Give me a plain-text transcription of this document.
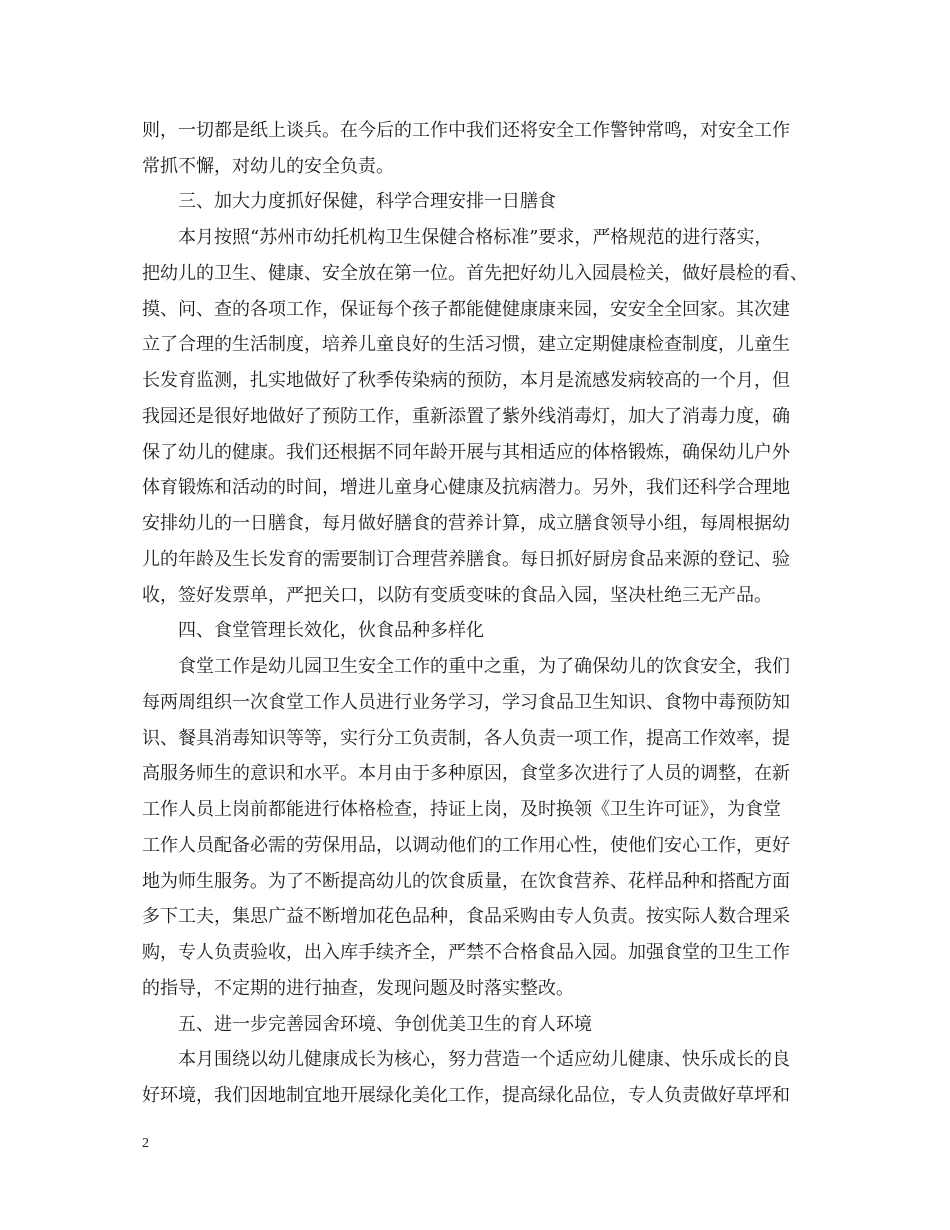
则，一切都是纸上谈兵。在今后的工作中我们还将安全工作警钟常鸣，对安全工作
常抓不懈，对幼儿的安全负责。
　　三、加大力度抓好保健，科学合理安排一日膳食
　　本月按照“苏州市幼托机构卫生保健合格标准”要求，严格规范的进行落实，
把幼儿的卫生、健康、安全放在第一位。首先把好幼儿入园晨检关，做好晨检的看、
摸、问、查的各项工作，保证每个孩子都能健健康康来园，安安全全回家。其次建
立了合理的生活制度，培养儿童良好的生活习惯，建立定期健康检查制度，儿童生
长发育监测，扎实地做好了秋季传染病的预防，本月是流感发病较高的一个月，但
我园还是很好地做好了预防工作，重新添置了紫外线消毒灯，加大了消毒力度，确
保了幼儿的健康。我们还根据不同年龄开展与其相适应的体格锻炼，确保幼儿户外
体育锻炼和活动的时间，增进儿童身心健康及抗病潜力。另外，我们还科学合理地
安排幼儿的一日膳食，每月做好膳食的营养计算，成立膳食领导小组，每周根据幼
儿的年龄及生长发育的需要制订合理营养膳食。每日抓好厨房食品来源的登记、验
收，签好发票单，严把关口，以防有变质变味的食品入园，坚决杜绝三无产品。
　　四、食堂管理长效化，伙食品种多样化
　　食堂工作是幼儿园卫生安全工作的重中之重，为了确保幼儿的饮食安全，我们
每两周组织一次食堂工作人员进行业务学习，学习食品卫生知识、食物中毒预防知
识、餐具消毒知识等等，实行分工负责制，各人负责一项工作，提高工作效率，提
高服务师生的意识和水平。本月由于多种原因，食堂多次进行了人员的调整，在新
工作人员上岗前都能进行体格检查，持证上岗，及时换领《卫生许可证》，为食堂
工作人员配备必需的劳保用品，以调动他们的工作用心性，使他们安心工作，更好
地为师生服务。为了不断提高幼儿的饮食质量，在饮食营养、花样品种和搭配方面
多下工夫，集思广益不断增加花色品种，食品采购由专人负责。按实际人数合理采
购，专人负责验收，出入库手续齐全，严禁不合格食品入园。加强食堂的卫生工作
的指导，不定期的进行抽查，发现问题及时落实整改。
　　五、进一步完善园舍环境、争创优美卫生的育人环境
　　本月围绕以幼儿健康成长为核心，努力营造一个适应幼儿健康、快乐成长的良
好环境，我们因地制宜地开展绿化美化工作，提高绿化品位，专人负责做好草坪和
2
